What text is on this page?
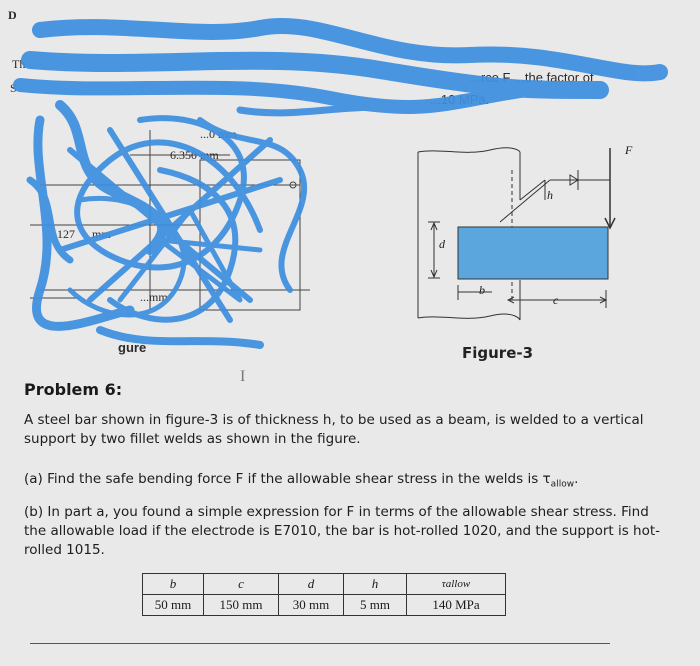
D
Th
S
...rce F ...the factor of
...10 MPa.
...0 mm
6.350 mm
127 mm
...mm
gure
F
h
d
b
c
Figure-3
I
Problem 6:
A steel bar shown in figure-3 is of thickness h, to be used as a beam, is welded to a vertical support by two fillet welds as shown in the figure.
(a) Find the safe bending force F if the allowable shear stress in the welds is $\tau_{allow}$.
(b) In part a, you found a simple expression for F in terms of the allowable shear stress. Find the allowable load if the electrode is E7010, the bar is hot-rolled 1020, and the support is hot-rolled 1015.
b	c	d	h	τallow
50 mm	150 mm	30 mm	5 mm	140 MPa
